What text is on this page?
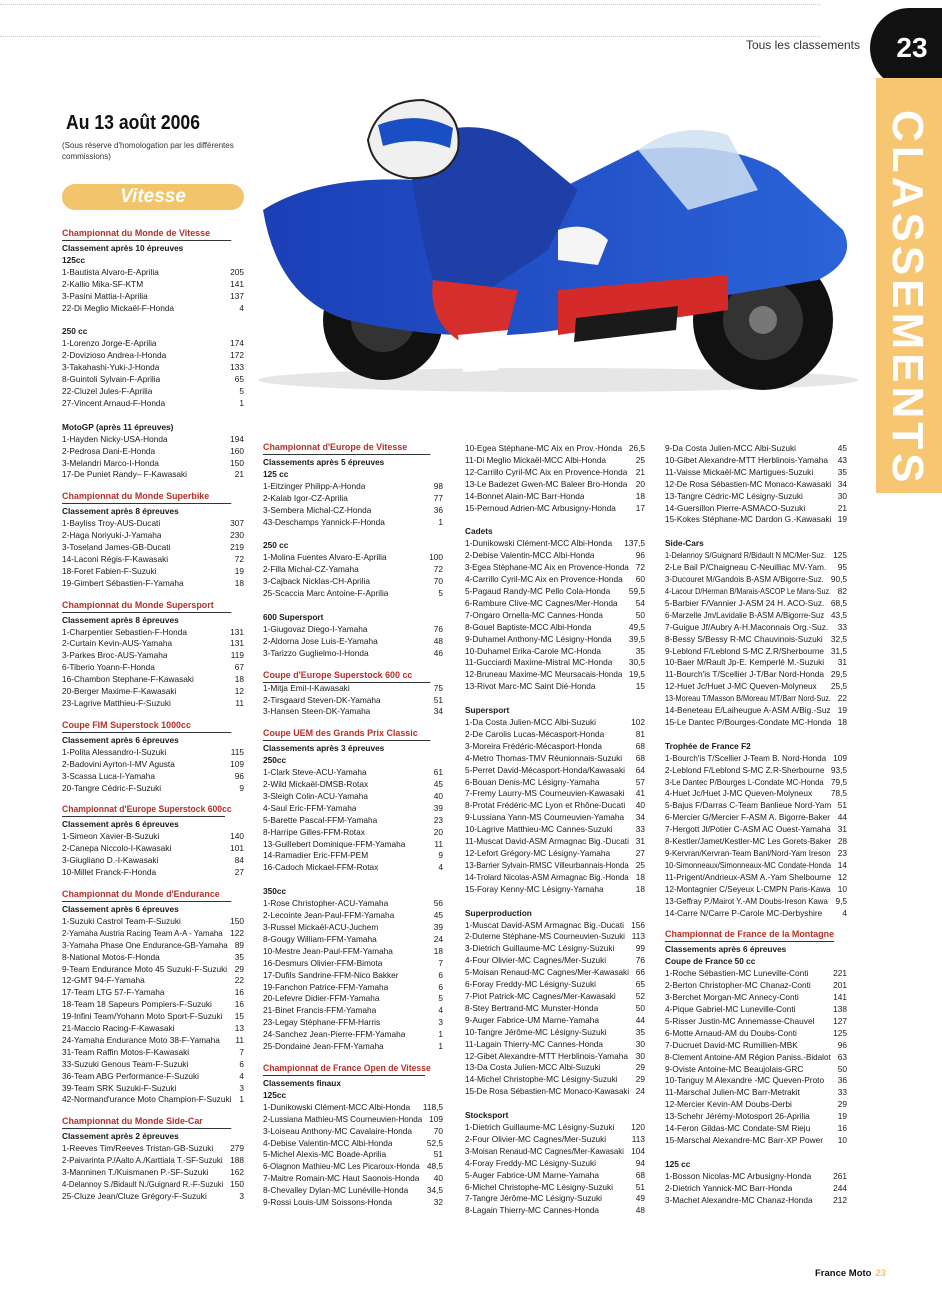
Tous les classements	23
CLASSEMENTS
Au 13 août 2006
(Sous réserve d'homologation par les différentes commissions)
Vitesse
Championnat du Monde de Vitesse
Classement après 10 épreuves
125cc
1-Bautista Alvaro-E-Aprilia	205
2-Kallio Mika-SF-KTM	141
3-Pasini Mattia-I-Aprilia	137
22-Di Meglio Mickaël-F-Honda	4
250 cc
1-Lorenzo Jorge-E-Aprilia	174
2-Dovizioso Andrea-I-Honda	172
3-Takahashi-Yuki-J-Honda	133
8-Guintoli Sylvain-F-Aprilia	65
22-Cluzel Jules-F-Aprilia	5
27-Vincent Arnaud-F-Honda	1
MotoGP (après 11 épreuves)
1-Hayden Nicky-USA-Honda	194
2-Pedrosa Dani-E-Honda	160
3-Melandri Marco-I-Honda	150
17-De Puniet Randy– F-Kawasaki	21
Championnat du Monde Superbike
Classement après 8 épreuves
1-Bayliss Troy-AUS-Ducati	307
2-Haga Noriyuki-J-Yamaha	230
3-Toseland James-GB-Ducati	219
14-Laconi Régis-F-Kawasaki	72
18-Foret Fabien-F-Suzuki	19
19-Gimbert Sébastien-F-Yamaha	18
Championnat du Monde Supersport
Classement après 8 épreuves
1-Charpentier Sebastien-F-Honda	131
2-Curtain Kevin-AUS-Yamaha	131
3-Parkes Broc-AUS-Yamaha	119
6-Tiberio Yoann-F-Honda	67
16-Chambon Stephane-F-Kawasaki	18
20-Berger Maxime-F-Kawasaki	12
23-Lagrive Matthieu-F-Suzuki	11
Coupe FIM Superstock 1000cc
Classement après 6 épreuves
1-Polita Alessandro-I-Suzuki	115
2-Badovini Ayrton-I-MV Agusta	109
3-Scassa Luca-I-Yamaha	96
20-Tangre Cédric-F-Suzuki	9
Championnat d'Europe Superstock 600cc
Classement après 6 épreuves
1-Simeon Xavier-B-Suzuki	140
2-Canepa Niccolo-I-Kawasaki	101
3-Giugliano D.-I-Kawasaki	84
10-Millet Franck-F-Honda	27
Championnat du Monde d'Endurance
Classement après 6 épreuves
1-Suzuki Castrol Team-F-Suzuki	150
2-Yamaha Austria Racing Team A-A - Yamaha 122
3-Yamaha Phase One Endurance-GB-Yamaha 89
8-National Motos-F-Honda	35
9-Team Endurance Moto 45 Suzuki-F-Suzuki 29
12-GMT 94-F-Yamaha	22
17-Team LTG 57-F-Yamaha	16
18-Team 18 Sapeurs Pompiers-F-Suzuki	16
19-Infini Team/Yohann Moto Sport-F-Suzuki	15
21-Maccio Racing-F-Kawasaki	13
24-Yamaha Endurance Moto 38-F-Yamaha	11
31-Team Raffin Motos-F-Kawasaki	7
33-Suzuki Genous Team-F-Suzuki	6
36-Team ABG Performance-F-Suzuki	4
39-Team SRK Suzuki-F-Suzuki	3
42-Normand'urance Moto Champion-F-Suzuki 1
Championnat du Monde Side-Car
Classement après 2 épreuves
1-Reeves Tim/Reeves Tristan-GB-Suzuki	279
2-Paivarinta P./Aalto A./Karttiala T.-SF-Suzuki 188
3-Manninen T./Kuismanen P.-SF-Suzuki	162
4-Delannoy S./Bidault N./Guignard R.-F-Suzuki 150
25-Cluze Jean/Cluze Grégory-F-Suzuki	3
Championnat d'Europe de Vitesse
Classements après 5 épreuves
125 cc
1-Eitzinger Philipp-A-Honda	98
2-Kalab Igor-CZ-Aprilia	77
3-Sembera Michal-CZ-Honda	36
43-Deschamps Yannick-F-Honda	1
250 cc
1-Molina Fuentes Alvaro-E-Aprilia	100
2-Filla Michal-CZ-Yamaha	72
3-Cajback Nicklas-CH-Aprilia	70
25-Scaccia Marc Antoine-F-Aprilia	5
600 Supersport
1-Giugovaz Diego-I-Yamaha	76
2-Aldorna Jose Luis-E-Yamaha	48
3-Tarizzo Guglielmo-I-Honda	46
Coupe d'Europe Superstock 600 cc
1-Mitja Emil-I-Kawasaki	75
2-Tirsgaard Steven-DK-Yamaha	51
3-Hansen Steen-DK-Yamaha	34
Coupe UEM des Grands Prix Classic
Classements après 3 épreuves
250cc
1-Clark Steve-ACU-Yamaha	61
2-Wild Mickaël-DMSB-Rotax	45
3-Sleigh Colin-ACU-Yamaha	40
4-Saul Eric-FFM-Yamaha	39
5-Barette Pascal-FFM-Yamaha	23
8-Harripe Gilles-FFM-Rotax	20
13-Guillebert Dominique-FFM-Yamaha	11
14-Ramadier Eric-FFM-PEM	9
16-Cadoch Mickael-FFM-Rotax	4
350cc
1-Rose Christopher-ACU-Yamaha	56
2-Lecointe Jean-Paul-FFM-Yamaha	45
3-Russel Mickaël-ACU-Juchem	39
8-Gougy William-FFM-Yamaha	24
10-Mestre Jean-Paul-FFM-Yamaha	18
16-Desmurs Olivier-FFM-Bimota	7
17-Dufils Sandrine-FFM-Nico Bakker	6
19-Fanchon Patrice-FFM-Yamaha	6
20-Lefevre Didier-FFM-Yamaha	5
21-Binet Francis-FFM-Yamaha	4
23-Legay Stéphane-FFM-Harris	3
24-Sanchez Jean-Pierre-FFM-Yamaha	1
25-Dondaine Jean-FFM-Yamaha	1
Championnat de France Open de Vitesse
Classements finaux
125cc
1-Dunikowski Clément-MCC Albi-Honda	118,5
2-Lussiana Mathieu-MS Courneuvien-Honda 109
3-Loiseau Anthony-MC Cavalaire-Honda	70
4-Debise Valentin-MCC Albi-Honda	52,5
5-Michel Alexis-MC Boade-Aprilia	51
6-Olagnon Mathieu-MC Les Picaroux-Honda 48,5
7-Maitre Romain-MC Haut Saonois-Honda	40
8-Chevalley Dylan-MC Lunéville-Honda	34,5
9-Rossi Louis-UM Soissons-Honda	32
10-Egea Stéphane-MC Aix en Prov.-Honda 26,5
11-Di Meglio Mickaël-MCC Albi-Honda	25
12-Carrillo Cyril-MC Aix en Provence-Honda	21
13-Le Badezet Gwen-MC Baleer Bro-Honda	20
14-Bonnet Alain-MC Barr-Honda	18
15-Pernoud Adrien-MC Arbusigny-Honda	17
Cadets
1-Dunikowski Clément-MCC Albi-Honda	137,5
2-Debise Valentin-MCC Albi-Honda	96
3-Egea Stéphane-MC Aix en Provence-Honda 72
4-Carrillo Cyril-MC Aix en Provence-Honda	60
5-Pagaud Randy-MC Pello Cola-Honda	59,5
6-Rambure Clive-MC Cagnes/Mer-Honda	54
7-Ongaro Ornella-MC Cannes-Honda	50
8-Gouel Baptiste-MCC Albi-Honda	49,5
9-Duhamel Anthony-MC Lésigny-Honda	39,5
10-Duhamel Erika-Carole MC-Honda	35
11-Gucciardi Maxime-Mistral MC-Honda	30,5
12-Bruneau Maxime-MC Meursacais-Honda 19,5
13-Rivot Marc-MC Saint Dié-Honda	15
Supersport
1-Da Costa Julien-MCC Albi-Suzuki	102
2-De Carolis Lucas-Mécasport-Honda	81
3-Moreira Frédéric-Mécasport-Honda	68
4-Metro Thomas-TMV Réunionnais-Suzuki	68
5-Perret David-Mécasport-Honda/Kawasaki	64
6-Bouan Denis-MC Lésigny-Yamaha	57
7-Fremy Laurry-MS Courneuvien-Kawasaki	41
8-Protat Frédéric-MC Lyon et Rhône-Ducati	40
9-Lussiana Yann-MS Courneuvien-Yamaha	34
10-Lagrive Matthieu-MC Cannes-Suzuki	33
11-Muscat David-ASM Armagnac Big.-Ducati 31
12-Lefort Grégory-MC Lésigny-Yamaha	27
13-Barrier Sylvain-RMSC Villeurbannais-Honda 25
14-Trolard Nicolas-ASM Armagnac Big.-Honda 18
15-Foray Kenny-MC Lésigny-Yamaha	18
Superproduction
1-Muscat David-ASM Armagnac Big.-Ducati 156
2-Duterne Stéphane-MS Courneuvien-Suzuki 113
3-Dietrich Guillaume-MC Lésigny-Suzuki	99
4-Four Olivier-MC Cagnes/Mer-Suzuki	76
5-Moisan Renaud-MC Cagnes/Mer-Kawasaki 66
6-Foray Freddy-MC Lésigny-Suzuki	65
7-Piot Patrick-MC Cagnes/Mer-Kawasaki	52
8-Stey Bertrand-MC Munster-Honda	50
9-Auger Fabrice-UM Marne-Yamaha	44
10-Tangre Jérôme-MC Lésigny-Suzuki	35
11-Lagain Thierry-MC Cannes-Honda	30
12-Gibet Alexandre-MTT Herblinois-Yamaha 30
13-Da Costa Julien-MCC Albi-Suzuki	29
14-Michel Christophe-MC Lésigny-Suzuki	29
15-De Rosa Sébastien-MC Monaco-Kawasaki 24
Stocksport
1-Dietrich Guillaume-MC Lésigny-Suzuki	120
2-Four Olivier-MC Cagnes/Mer-Suzuki	113
3-Moisan Renaud-MC Cagnes/Mer-Kawasaki 104
4-Foray Freddy-MC Lésigny-Suzuki	94
5-Auger Fabrice-UM Marne-Yamaha	68
6-Michel Christophe-MC Lésigny-Suzuki	51
7-Tangre Jérôme-MC Lésigny-Suzuki	49
8-Lagain Thierry-MC Cannes-Honda	48
9-Da Costa Julien-MCC Albi-Suzuki	45
10-Gibet Alexandre-MTT Herblinois-Yamaha	43
11-Vaisse Mickaël-MC Martigues-Suzuki	35
12-De Rosa Sébastien-MC Monaco-Kawasaki 34
13-Tangre Cédric-MC Lésigny-Suzuki	30
14-Guersillon Pierre-ASMACO-Suzuki	21
15-Kokes Stéphane-MC Dardon G.-Kawasaki 19
Side-Cars
1-Delannoy S/Guignard R/Bidault N MC/Mer-Suz. 125
2-Le Bail P/Chaigneau C-Neuilliac MV-Yam.	95
3-Ducouret M/Gandois B-ASM A/Bigorre-Suz. 90,5
4-Lacour D/Herman B/Marais-ASCOP Le Mans-Suz. 82
5-Barbier F/Vannier J-ASM 24 H. ACO-Suz. 68,5
6-Marzelle Jm/Lavidalie B-ASM A/Bigorre-Suz 43,5
7-Guigue Jf/Aubry A-H.Maconnais Org.-Suz.	33
8-Bessy S/Bessy R-MC Chauvinois-Suzuki 32,5
9-Leblond F/Leblond S-MC Z.R/Sherbourne 31,5
10-Baer M/Rault Jp-E. Kemperlé M.-Suzuki	31
11-Bourch'is T/Scellier J-T/Bar Nord-Honda 29,5
12-Huet Jc/Huet J-MC Queven-Molyneux	25,5
13-Moreau T/Masson B/Moreau MT/Barr Nord-Suz. 22
14-Beneteau E/Laiheugue A-ASM A/Big.-Suz 19
15-Le Dantec P/Bourges-Condate MC-Honda 18
Trophée de France F2
1-Bourch'is T/Scellier J-Team B. Nord-Honda 109
2-Leblond F/Leblond S-MC Z.R-Sherbourne 93,5
3-Le Dantec P/Bourges L-Condate MC-Honda 79,5
4-Huet Jc/Huet J-MC Queven-Molyneux	78,5
5-Bajus F/Darras C-Team Banlieue Nord-Yam 51
6-Mercier G/Mercier F-ASM A. Bigorre-Baker 44
7-Hergott Jl/Potier C-ASM AC Ouest-Yamaha 31
8-Kestler/Jamet/Kestler-MC Les Gorets-Baker 28
9-Kervran/Kervran-Team Banl/Nord-Yam Ireson 23
10-Simonneaux/Simonneaux-MC Condate-Honda 14
11-Prigent/Andrieux-ASM A.-Yam Shelbourne 12
12-Montagnier C/Seyeux L-CMPN Paris-Kawa 10
13-Geffray P./Mairot Y.-AM Doubs-Ireson Kawa 9,5
14-Carre N/Carre P-Carole MC-Derbyshire	4
Championnat de France de la Montagne
Classements après 6 épreuves
Coupe de France 50 cc
1-Roche Sébastien-MC Luneville-Conti	221
2-Berton Christopher-MC Chanaz-Conti	201
3-Berchet Morgan-MC Annecy-Conti	141
4-Pique Gabriel-MC Luneville-Conti	138
5-Risser Justin-MC Annemasse-Chauvel	127
6-Motte Arnaud-AM du Doubs-Conti	125
7-Ducruet David-MC Rumillien-MBK	96
8-Clement Antoine-AM Région Paniss.-Bidalot 63
9-Oviste Antoine-MC Beaujolais-GRC	50
10-Tanguy M Alexandre -MC Queven-Proto	36
11-Marschal Julien-MC Barr-Metrakit	33
12-Mercier Kevin-AM Doubs-Derbi	29
13-Schehr Jérémy-Motosport 26-Aprilia	19
14-Feron Gildas-MC Condate-SM Rieju	16
15-Marschal Alexandre-MC Barr-XP Power	10
125 cc
1-Bosson Nicolas-MC Arbusigny-Honda	261
2-Dietrich Yannick-MC Barr-Honda	244
3-Machet Alexandre-MC Chanaz-Honda	212
France Moto 23
